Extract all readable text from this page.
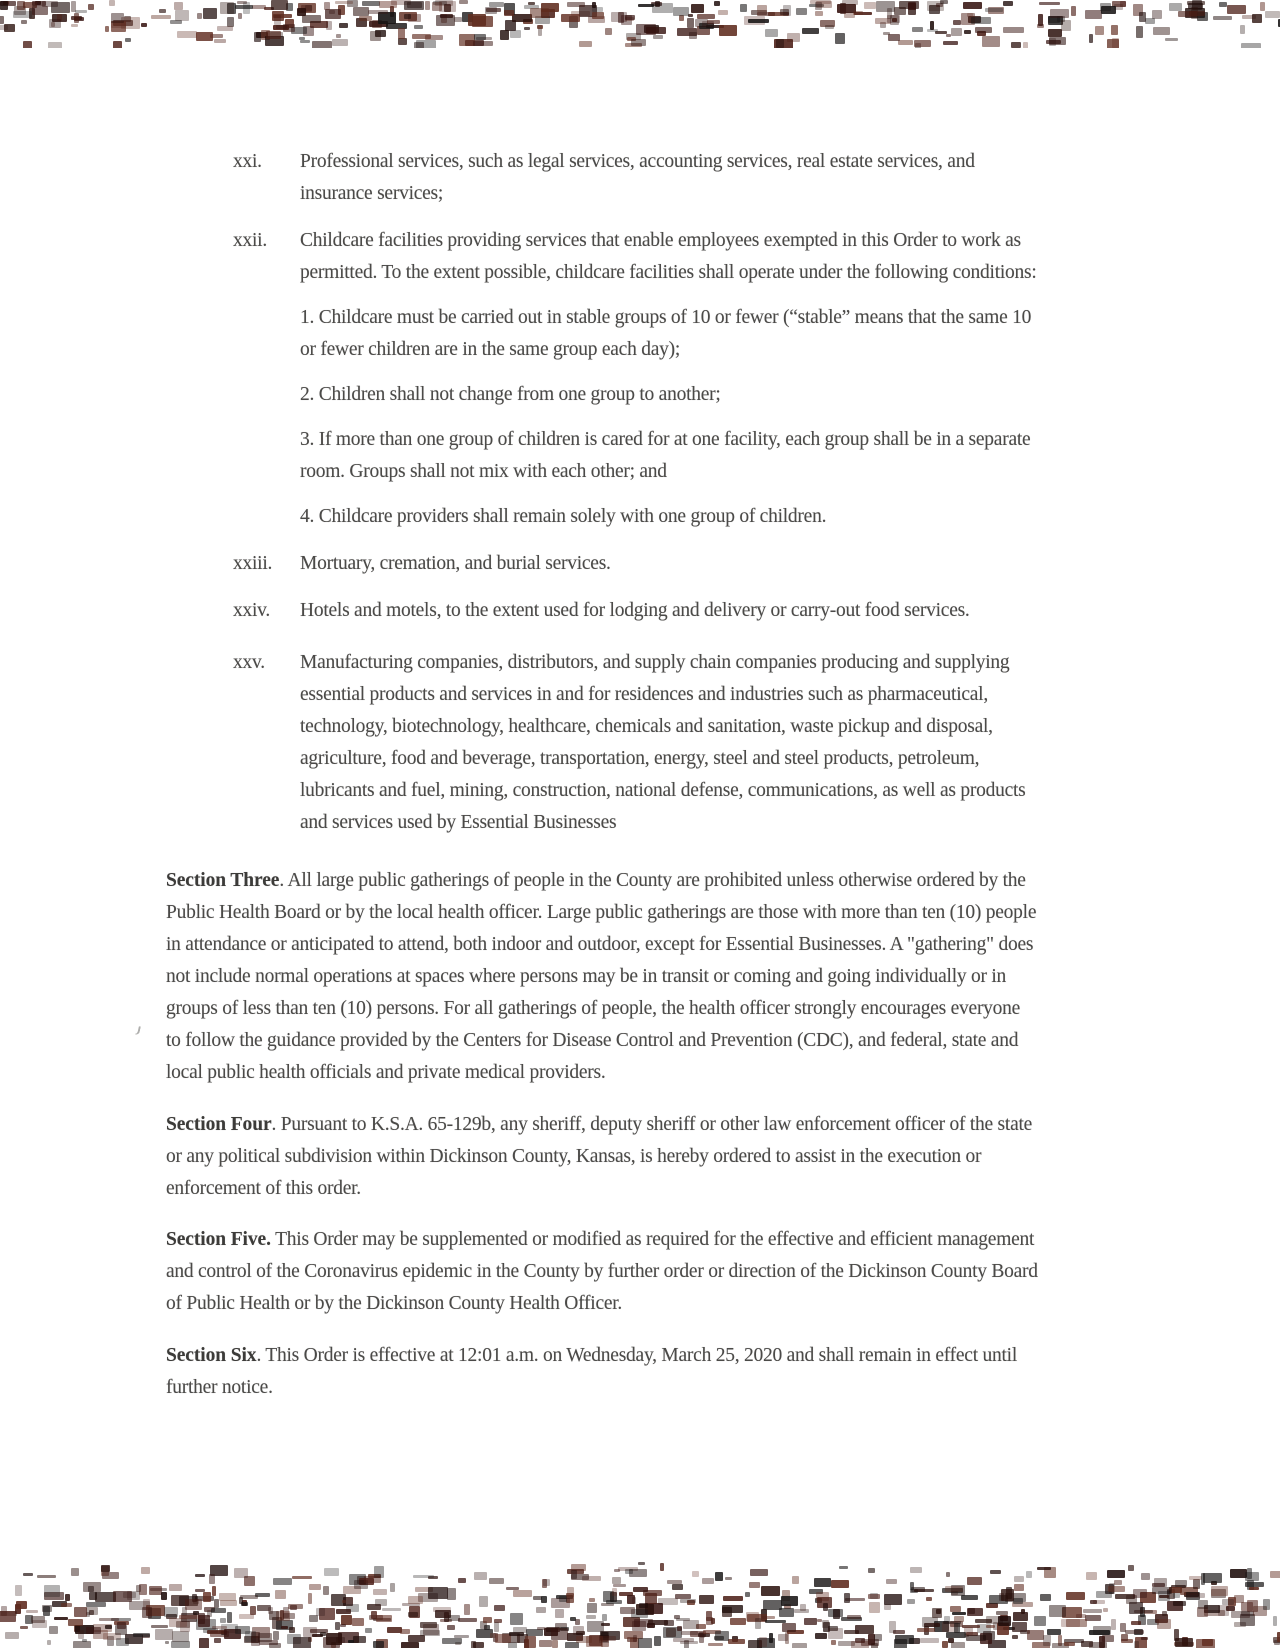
xxi.	Professional services, such as legal services, accounting services, real estate services, and insurance services;
xxii.	Childcare facilities providing services that enable employees exempted in this Order to work as permitted. To the extent possible, childcare facilities shall operate under the following conditions:
1. Childcare must be carried out in stable groups of 10 or fewer (“stable” means that the same 10 or fewer children are in the same group each day);
2. Children shall not change from one group to another;
3. If more than one group of children is cared for at one facility, each group shall be in a separate room. Groups shall not mix with each other; and
4. Childcare providers shall remain solely with one group of children.
xxiii.	Mortuary, cremation, and burial services.
xxiv.	Hotels and motels, to the extent used for lodging and delivery or carry-out food services.
xxv.	Manufacturing companies, distributors, and supply chain companies producing and supplying essential products and services in and for residences and industries such as pharmaceutical, technology, biotechnology, healthcare, chemicals and sanitation, waste pickup and disposal, agriculture, food and beverage, transportation, energy, steel and steel products, petroleum, lubricants and fuel, mining, construction, national defense, communications, as well as products and services used by Essential Businesses

Section Three. All large public gatherings of people in the County are prohibited unless otherwise ordered by the Public Health Board or by the local health officer. Large public gatherings are those with more than ten (10) people in attendance or anticipated to attend, both indoor and outdoor, except for Essential Businesses. A "gathering" does not include normal operations at spaces where persons may be in transit or coming and going individually or in groups of less than ten (10) persons. For all gatherings of people, the health officer strongly encourages everyone to follow the guidance provided by the Centers for Disease Control and Prevention (CDC), and federal, state and local public health officials and private medical providers.

Section Four. Pursuant to K.S.A. 65-129b, any sheriff, deputy sheriff or other law enforcement officer of the state or any political subdivision within Dickinson County, Kansas, is hereby ordered to assist in the execution or enforcement of this order.

Section Five. This Order may be supplemented or modified as required for the effective and efficient management and control of the Coronavirus epidemic in the County by further order or direction of the Dickinson County Board of Public Health or by the Dickinson County Health Officer.

Section Six. This Order is effective at 12:01 a.m. on Wednesday, March 25, 2020 and shall remain in effect until further notice.
